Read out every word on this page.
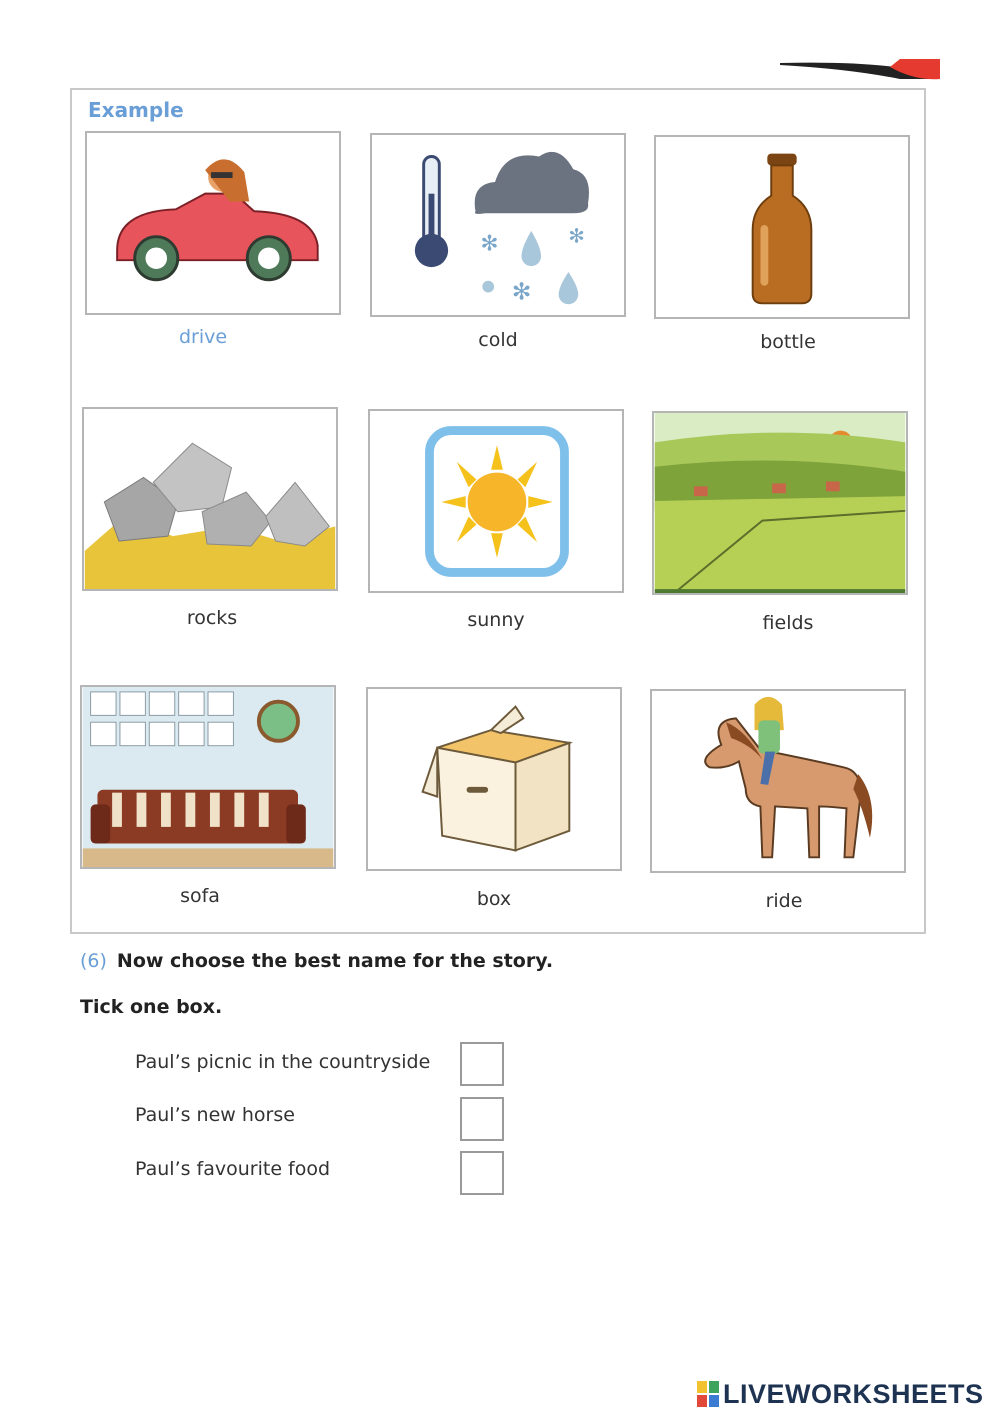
Example
drive
✻	✻
✻
cold	bottle
rocks	sunny	fields
sofa	box	ride
(6) Now choose the best name for the story.
Tick one box.
Paul’s picnic in the countryside
Paul’s new horse
Paul’s favourite food
LIVEWORKSHEETS
